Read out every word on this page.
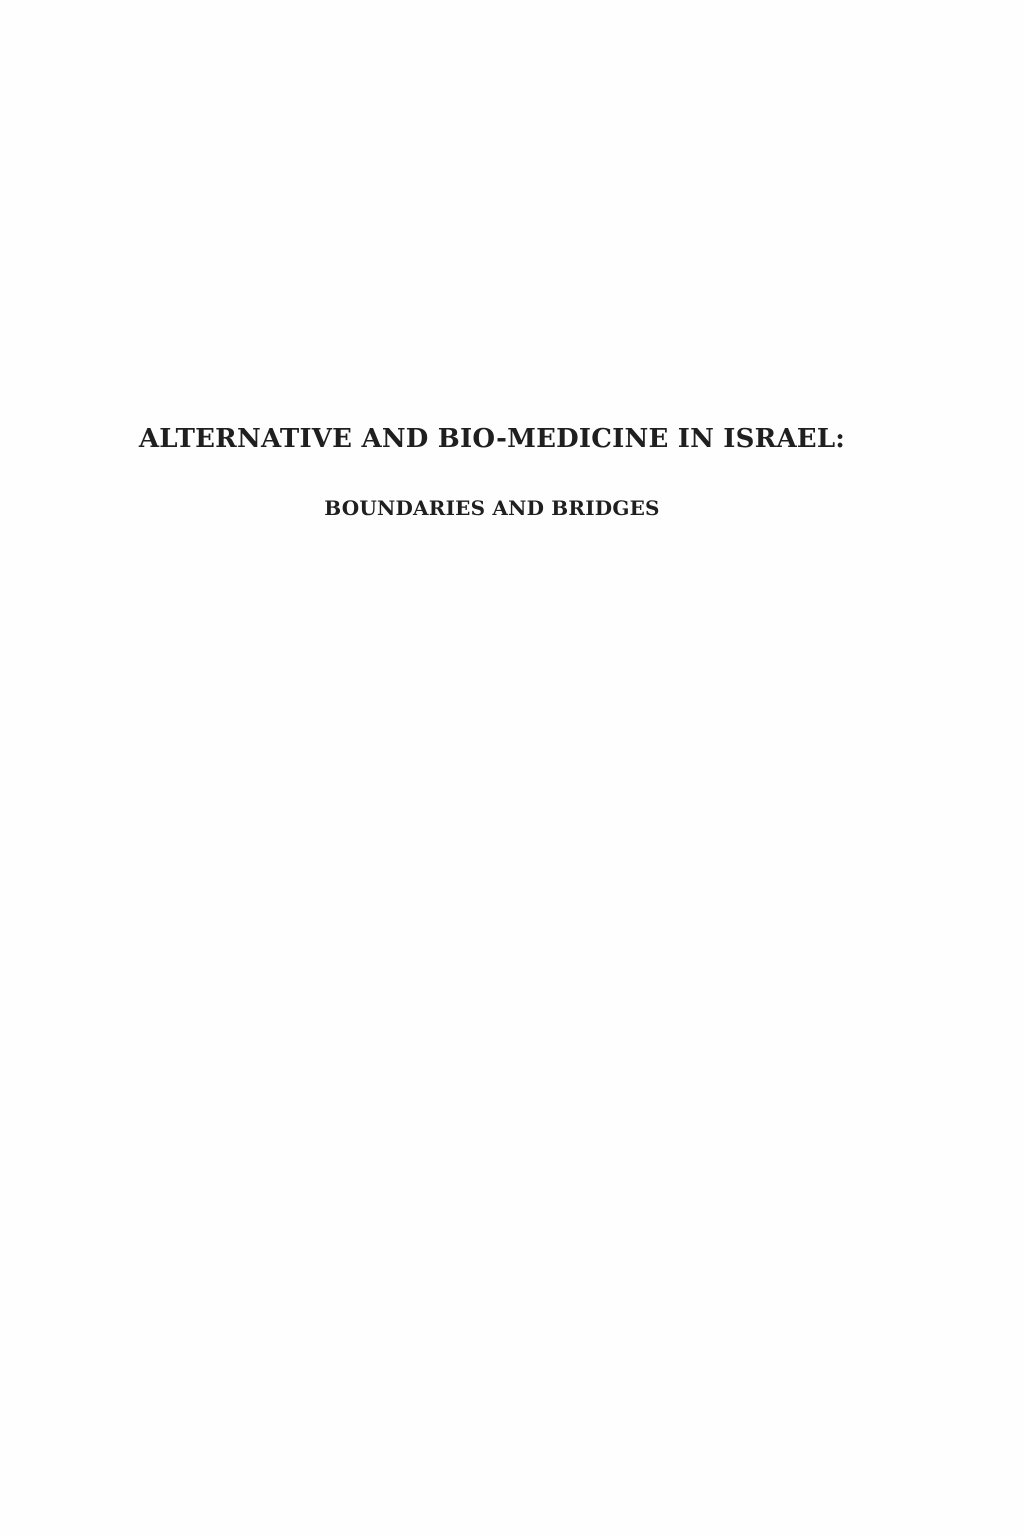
ALTERNATIVE AND BIO-MEDICINE IN ISRAEL:
BOUNDARIES AND BRIDGES
